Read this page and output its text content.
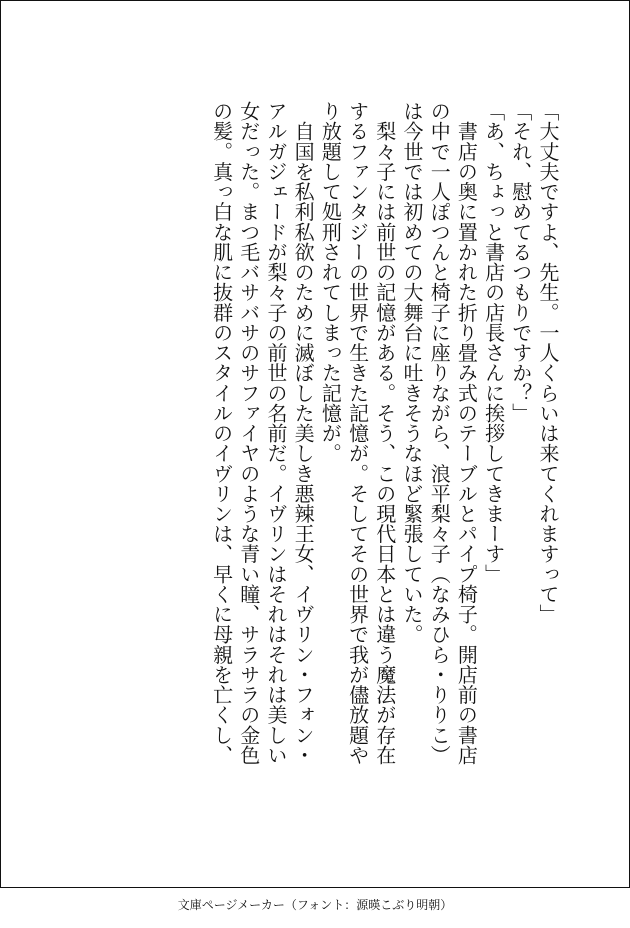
「大丈夫ですよ、先生。一人くらいは来てくれますって」
「それ、慰めてるつもりですか？」
「あ、ちょっと書店の店長さんに挨拶してきまーす」
　書店の奥に置かれた折り畳み式のテーブルとパイプ椅子。開店前の書店
の中で一人ぽつんと椅子に座りながら、浪平梨々子（なみひら・りりこ）
は今世では初めての大舞台に吐きそうなほど緊張していた。
　梨々子には前世の記憶がある。そう、この現代日本とは違う魔法が存在
するファンタジーの世界で生きた記憶が。そしてその世界で我が儘放題や
り放題して処刑されてしまった記憶が。
　自国を私利私欲のために滅ぼした美しき悪辣王女、イヴリン・フォン・
アルガジェードが梨々子の前世の名前だ。イヴリンはそれはそれは美しい
女だった。まつ毛バサバサのサファイヤのような青い瞳、サラサラの金色
の髪。真っ白な肌に抜群のスタイルのイヴリンは、早くに母親を亡くし、
文庫ページメーカー（フォント：源暎こぶり明朝）
